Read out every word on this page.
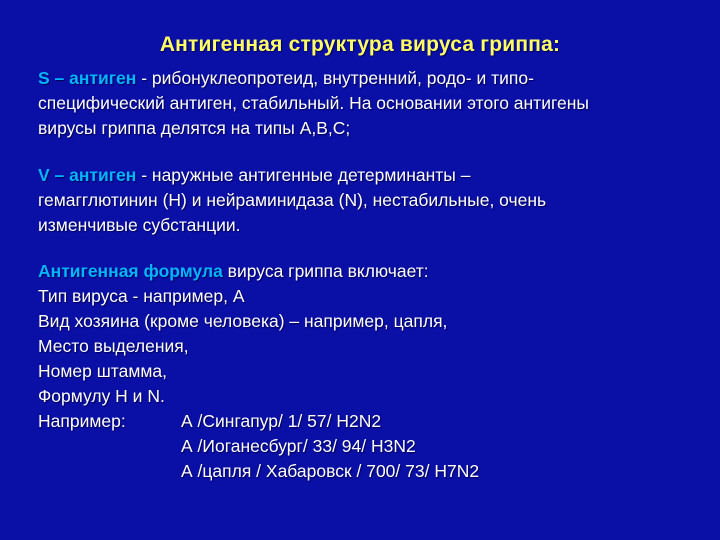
Антигенная структура вируса гриппа:
S – антиген - рибонуклеопротеид, внутренний, родо- и типо-
специфический антиген, стабильный. На основании этого антигены
вирусы гриппа делятся на типы А,В,С;
V – антиген - наружные антигенные детерминанты –
гемагглютинин (Н) и нейраминидаза (N), нестабильные, очень
изменчивые субстанции.
Антигенная формула вируса гриппа включает:
Тип вируса - например, А
Вид хозяина (кроме человека) – например, цапля,
Место выделения,
Номер штамма,
Формулу H и N.
Например:	А /Сингапур/ 1/ 57/ H2N2
А /Иоганесбург/ 33/ 94/ H3N2
А /цапля / Хабаровск / 700/ 73/ H7N2
